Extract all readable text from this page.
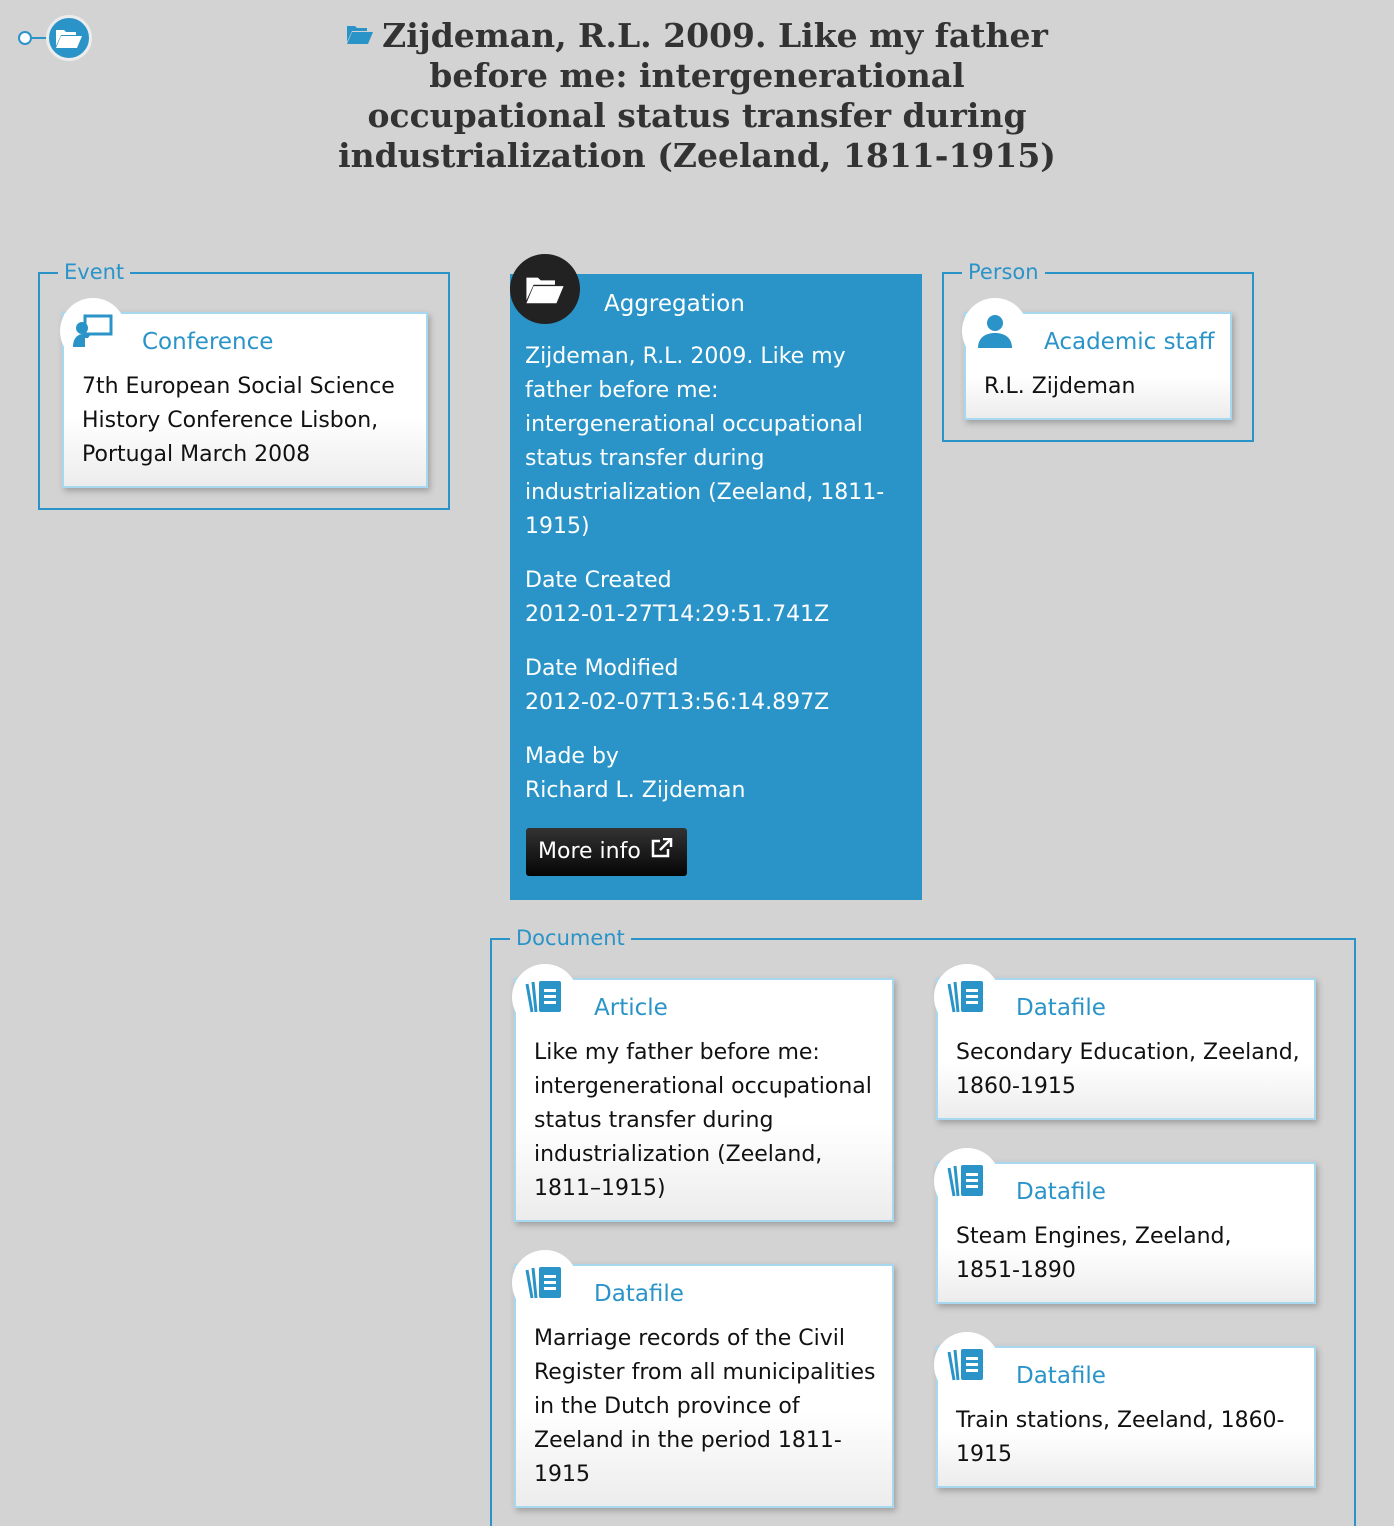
Zijdeman, R.L. 2009. Like my father before me: intergenerational occupational status transfer during industrialization (Zeeland, 1811-1915)
Event
Conference
7th European Social Science History Conference Lisbon, Portugal March 2008
Person
Academic staff
R.L. Zijdeman
Aggregation

Zijdeman, R.L. 2009. Like my father before me: intergenerational occupational status transfer during industrialization (Zeeland, 1811-1915)

Date Created
2012-01-27T14:29:51.741Z

Date Modified
2012-02-07T13:56:14.897Z

Made by
Richard L. Zijdeman

More info
Document
Article
Like my father before me: intergenerational occupational status transfer during industrialization (Zeeland, 1811–1915)
Datafile
Marriage records of the Civil Register from all municipalities in the Dutch province of Zeeland in the period 1811-1915
Datafile
Secondary Education, Zeeland, 1860-1915
Datafile
Steam Engines, Zeeland, 1851-1890
Datafile
Train stations, Zeeland, 1860-1915
